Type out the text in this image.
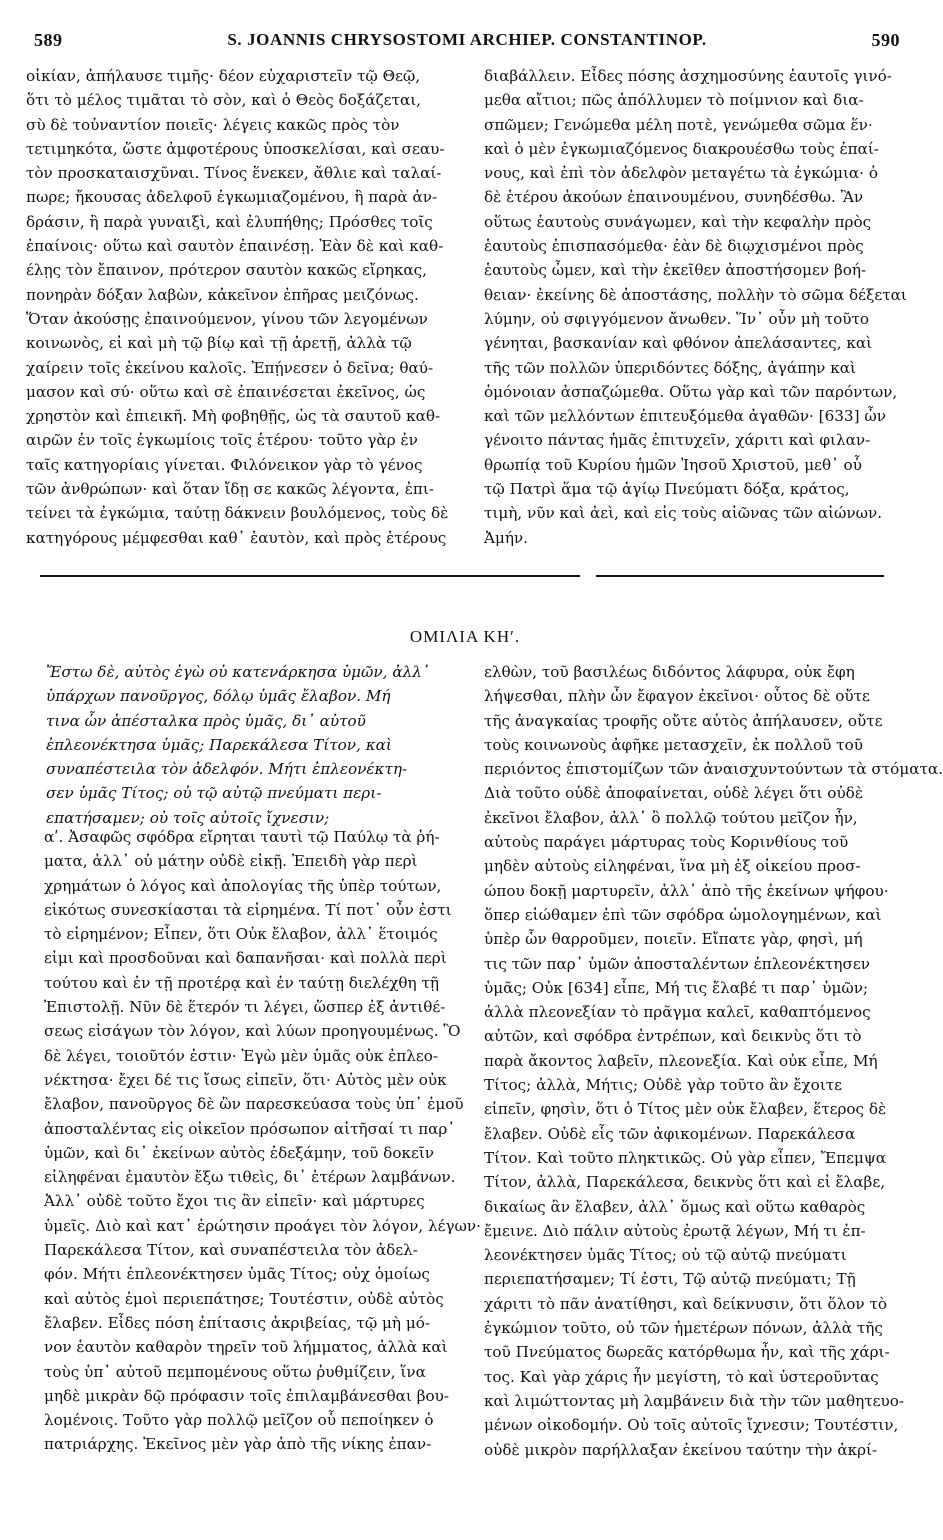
589	S. JOANNIS CHRYSOSTOMI ARCHIEP. CONSTANTINOP.	590
οἰκίαν, ἀπήλαυσε τιμῆς· δέον εὐχαριστεῖν τῷ Θεῷ,
ὅτι τὸ μέλος τιμᾶται τὸ σὸν, καὶ ὁ Θεὸς δοξάζεται,
σὺ δὲ τοὐναντίον ποιεῖς· λέγεις κακῶς πρὸς τὸν
τετιμηκότα, ὥστε ἀμφοτέρους ὑποσκελίσαι, καὶ σεαυ-
τὸν προσκαταισχῦναι. Τίνος ἕνεκεν, ἄθλιε καὶ ταλαί-
πωρε; ἤκουσας ἀδελφοῦ ἐγκωμιαζομένου, ἢ παρὰ ἀν-
δράσιν, ἢ παρὰ γυναιξὶ, καὶ ἐλυπήθης; Πρόσθες τοῖς
ἐπαίνοις· οὕτω καὶ σαυτὸν ἐπαινέσῃ. Ἐὰν δὲ καὶ καθ-
έλῃς τὸν ἔπαινον, πρότερον σαυτὸν κακῶς εἴρηκας,
πονηρὰν δόξαν λαβὼν, κἀκεῖνον ἐπῆρας μειζόνως.
Ὅταν ἀκούσῃς ἐπαινούμενον, γίνου τῶν λεγομένων
κοινωνὸς, εἰ καὶ μὴ τῷ βίῳ καὶ τῇ ἀρετῇ, ἀλλὰ τῷ
χαίρειν τοῖς ἐκείνου καλοῖς. Ἐπῄνεσεν ὁ δεῖνα; θαύ-
μασον καὶ σύ· οὕτω καὶ σὲ ἐπαινέσεται ἐκεῖνος, ὡς
χρηστὸν καὶ ἐπιεικῆ. Μὴ φοβηθῇς, ὡς τὰ σαυτοῦ καθ-
αιρῶν ἐν τοῖς ἐγκωμίοις τοῖς ἑτέρου· τοῦτο γὰρ ἐν
ταῖς κατηγορίαις γίνεται. Φιλόνεικον γὰρ τὸ γένος
τῶν ἀνθρώπων· καὶ ὅταν ἴδῃ σε κακῶς λέγοντα, ἐπι-
τείνει τὰ ἐγκώμια, ταύτῃ δάκνειν βουλόμενος, τοὺς δὲ
κατηγόρους μέμφεσθαι καθ᾽ ἑαυτὸν, καὶ πρὸς ἑτέρους
διαβάλλειν. Εἶδες πόσης ἀσχημοσύνης ἑαυτοῖς γινό-
μεθα αἴτιοι; πῶς ἀπόλλυμεν τὸ ποίμνιον καὶ δια-
σπῶμεν; Γενώμεθα μέλη ποτὲ, γενώμεθα σῶμα ἕν·
καὶ ὁ μὲν ἐγκωμιαζόμενος διακρουέσθω τοὺς ἐπαί-
νους, καὶ ἐπὶ τὸν ἀδελφὸν μεταγέτω τὰ ἐγκώμια· ὁ
δὲ ἑτέρου ἀκούων ἐπαινουμένου, συνηδέσθω. Ἂν
οὕτως ἑαυτοὺς συνάγωμεν, καὶ τὴν κεφαλὴν πρὸς
ἑαυτοὺς ἐπισπασόμεθα· ἐὰν δὲ διῳχισμένοι πρὸς
ἑαυτοὺς ὦμεν, καὶ τὴν ἐκεῖθεν ἀποστήσομεν βοή-
θειαν· ἐκείνης δὲ ἀποστάσης, πολλὴν τὸ σῶμα δέξεται
λύμην, οὐ σφιγγόμενον ἄνωθεν. Ἵν᾽ οὖν μὴ τοῦτο
γένηται, βασκανίαν καὶ φθόνον ἀπελάσαντες, καὶ
τῆς τῶν πολλῶν ὑπεριδόντες δόξης, ἀγάπην καὶ
ὁμόνοιαν ἀσπαζώμεθα. Οὕτω γὰρ καὶ τῶν παρόντων,
καὶ τῶν μελλόντων ἐπιτευξόμεθα ἀγαθῶν· [633] ὧν
γένοιτο πάντας ἡμᾶς ἐπιτυχεῖν, χάριτι καὶ φιλαν-
θρωπίᾳ τοῦ Κυρίου ἡμῶν Ἰησοῦ Χριστοῦ, μεθ᾽ οὗ
τῷ Πατρὶ ἅμα τῷ ἁγίῳ Πνεύματι δόξα, κράτος,
τιμὴ, νῦν καὶ ἀεὶ, καὶ εἰς τοὺς αἰῶνας τῶν αἰώνων.
Ἀμήν.
ΟΜΙΛΙΑ ΚΗʹ.
Ἔστω δὲ, αὐτὸς ἐγὼ οὐ κατενάρκησα ὑμῶν, ἀλλ᾽
ὑπάρχων πανοῦργος, δόλῳ ὑμᾶς ἔλαβον. Μή
τινα ὧν ἀπέσταλκα πρὸς ὑμᾶς, δι᾽ αὐτοῦ
ἐπλεονέκτησα ὑμᾶς; Παρεκάλεσα Τίτον, καὶ
συναπέστειλα τὸν ἀδελφόν. Μήτι ἐπλεονέκτη-
σεν ὑμᾶς Τίτος; οὐ τῷ αὐτῷ πνεύματι περι-
επατήσαμεν; οὐ τοῖς αὐτοῖς ἴχνεσιν;
αʹ. Ἀσαφῶς σφόδρα εἴρηται ταυτὶ τῷ Παύλῳ τὰ ῥή-
ματα, ἀλλ᾽ οὐ μάτην οὐδὲ εἰκῇ. Ἐπειδὴ γὰρ περὶ
χρημάτων ὁ λόγος καὶ ἀπολογίας τῆς ὑπὲρ τούτων,
εἰκότως συνεσκίασται τὰ εἰρημένα. Τί ποτ᾽ οὖν ἐστι
τὸ εἰρημένον; Εἶπεν, ὅτι Οὐκ ἔλαβον, ἀλλ᾽ ἕτοιμός
εἰμι καὶ προσδοῦναι καὶ δαπανῆσαι· καὶ πολλὰ περὶ
τούτου καὶ ἐν τῇ προτέρᾳ καὶ ἐν ταύτῃ διελέχθη τῇ
Ἐπιστολῇ. Νῦν δὲ ἕτερόν τι λέγει, ὥσπερ ἐξ ἀντιθέ-
σεως εἰσάγων τὸν λόγον, καὶ λύων προηγουμένως. Ὃ
δὲ λέγει, τοιοῦτόν ἐστιν· Ἐγὼ μὲν ὑμᾶς οὐκ ἐπλεο-
νέκτησα· ἔχει δέ τις ἴσως εἰπεῖν, ὅτι· Αὐτὸς μὲν οὐκ
ἔλαβον, πανοῦργος δὲ ὢν παρεσκεύασα τοὺς ὑπ᾽ ἐμοῦ
ἀποσταλέντας εἰς οἰκεῖον πρόσωπον αἰτῆσαί τι παρ᾽
ὑμῶν, καὶ δι᾽ ἐκείνων αὐτὸς ἐδεξάμην, τοῦ δοκεῖν
εἰληφέναι ἐμαυτὸν ἔξω τιθεὶς, δι᾽ ἑτέρων λαμβάνων.
Ἀλλ᾽ οὐδὲ τοῦτο ἔχοι τις ἂν εἰπεῖν· καὶ μάρτυρες
ὑμεῖς. Διὸ καὶ κατ᾽ ἐρώτησιν προάγει τὸν λόγον, λέγων·
Παρεκάλεσα Τίτον, καὶ συναπέστειλα τὸν ἀδελ-
φόν. Μήτι ἐπλεονέκτησεν ὑμᾶς Τίτος; οὐχ ὁμοίως
καὶ αὐτὸς ἐμοὶ περιεπάτησε; Τουτέστιν, οὐδὲ αὐτὸς
ἔλαβεν. Εἶδες πόση ἐπίτασις ἀκριβείας, τῷ μὴ μό-
νον ἑαυτὸν καθαρὸν τηρεῖν τοῦ λήμματος, ἀλλὰ καὶ
τοὺς ὑπ᾽ αὐτοῦ πεμπομένους οὕτω ῥυθμίζειν, ἵνα
μηδὲ μικρὰν δῷ πρόφασιν τοῖς ἐπιλαμβάνεσθαι βου-
λομένοις. Τοῦτο γὰρ πολλῷ μεῖζον οὗ πεποίηκεν ὁ
πατριάρχης. Ἐκεῖνος μὲν γὰρ ἀπὸ τῆς νίκης ἐπαν-
ελθὼν, τοῦ βασιλέως διδόντος λάφυρα, οὐκ ἔφη
λήψεσθαι, πλὴν ὧν ἔφαγον ἐκεῖνοι· οὗτος δὲ οὔτε
τῆς ἀναγκαίας τροφῆς οὔτε αὐτὸς ἀπήλαυσεν, οὔτε
τοὺς κοινωνοὺς ἀφῆκε μετασχεῖν, ἐκ πολλοῦ τοῦ
περιόντος ἐπιστομίζων τῶν ἀναισχυντούντων τὰ στόματα.
Διὰ τοῦτο οὐδὲ ἀποφαίνεται, οὐδὲ λέγει ὅτι οὐδὲ
ἐκεῖνοι ἔλαβον, ἀλλ᾽ ὃ πολλῷ τούτου μεῖζον ἦν,
αὐτοὺς παράγει μάρτυρας τοὺς Κορινθίους τοῦ
μηδὲν αὐτοὺς εἰληφέναι, ἵνα μὴ ἐξ οἰκείου προσ-
ώπου δοκῇ μαρτυρεῖν, ἀλλ᾽ ἀπὸ τῆς ἐκείνων ψήφου·
ὅπερ εἰώθαμεν ἐπὶ τῶν σφόδρα ὡμολογημένων, καὶ
ὑπὲρ ὧν θαρροῦμεν, ποιεῖν. Εἴπατε γὰρ, φησὶ, μή
τις τῶν παρ᾽ ὑμῶν ἀποσταλέντων ἐπλεονέκτησεν
ὑμᾶς; Οὐκ [634] εἶπε, Μή τις ἔλαβέ τι παρ᾽ ὑμῶν;
ἀλλὰ πλεονεξίαν τὸ πρᾶγμα καλεῖ, καθαπτόμενος
αὐτῶν, καὶ σφόδρα ἐντρέπων, καὶ δεικνὺς ὅτι τὸ
παρὰ ἄκοντος λαβεῖν, πλεονεξία. Καὶ οὐκ εἶπε, Μή
Τίτος; ἀλλὰ, Μήτις; Οὐδὲ γὰρ τοῦτο ἂν ἔχοιτε
εἰπεῖν, φησὶν, ὅτι ὁ Τίτος μὲν οὐκ ἔλαβεν, ἕτερος δὲ
ἔλαβεν. Οὐδὲ εἷς τῶν ἀφικομένων. Παρεκάλεσα
Τίτον. Καὶ τοῦτο πληκτικῶς. Οὐ γὰρ εἶπεν, Ἔπεμψα
Τίτον, ἀλλὰ, Παρεκάλεσα, δεικνὺς ὅτι καὶ εἰ ἔλαβε,
δικαίως ἂν ἔλαβεν, ἀλλ᾽ ὅμως καὶ οὕτω καθαρὸς
ἔμεινε. Διὸ πάλιν αὐτοὺς ἐρωτᾷ λέγων, Μή τι ἐπ-
λεονέκτησεν ὑμᾶς Τίτος; οὐ τῷ αὐτῷ πνεύματι
περιεπατήσαμεν; Τί ἐστι, Τῷ αὐτῷ πνεύματι; Τῇ
χάριτι τὸ πᾶν ἀνατίθησι, καὶ δείκνυσιν, ὅτι ὅλον τὸ
ἐγκώμιον τοῦτο, οὐ τῶν ἡμετέρων πόνων, ἀλλὰ τῆς
τοῦ Πνεύματος δωρεᾶς κατόρθωμα ἦν, καὶ τῆς χάρι-
τος. Καὶ γὰρ χάρις ἦν μεγίστη, τὸ καὶ ὑστεροῦντας
καὶ λιμώττοντας μὴ λαμβάνειν διὰ τὴν τῶν μαθητευο-
μένων οἰκοδομήν. Οὐ τοῖς αὐτοῖς ἴχνεσιν; Τουτέστιν,
οὐδὲ μικρὸν παρήλλαξαν ἐκείνου ταύτην τὴν ἀκρί-
